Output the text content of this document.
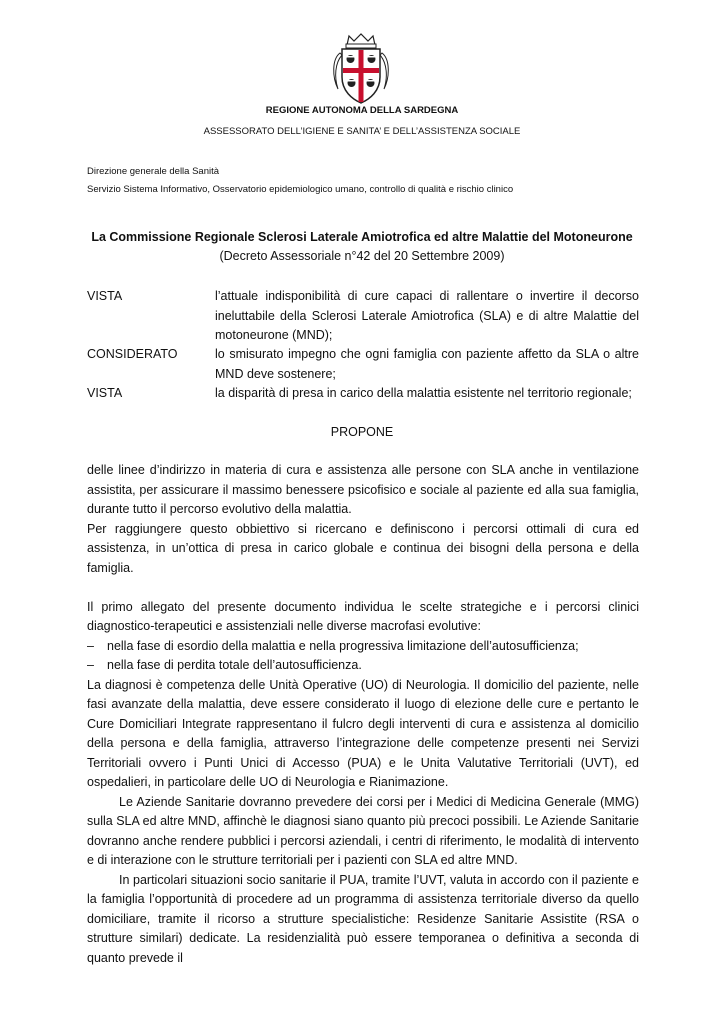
REGIONE AUTONOMA DELLA SARDEGNA
ASSESSORATO DELL’IGIENE E SANITA’ E DELL’ASSISTENZA SOCIALE
Direzione generale della Sanità
Servizio Sistema Informativo, Osservatorio epidemiologico umano, controllo di qualità e rischio clinico
La Commissione Regionale Sclerosi Laterale Amiotrofica ed altre Malattie del Motoneurone
(Decreto Assessoriale n°42 del 20 Settembre 2009)
VISTA	l’attuale indisponibilità di cure capaci di rallentare o invertire il decorso ineluttabile della Sclerosi Laterale Amiotrofica (SLA) e di altre Malattie del motoneurone (MND);
CONSIDERATO	lo smisurato impegno che ogni famiglia con paziente affetto da SLA o altre MND deve sostenere;
VISTA	la disparità di presa in carico della malattia esistente nel territorio regionale;
PROPONE

delle linee d’indirizzo in materia di cura e assistenza alle persone con SLA anche in ventilazione assistita, per assicurare il massimo benessere psicofisico e sociale al paziente ed alla sua famiglia, durante tutto il percorso evolutivo della malattia.

Per raggiungere questo obbiettivo si ricercano e definiscono i percorsi ottimali di cura ed assistenza, in un’ottica di presa in carico globale e continua dei bisogni della persona e della famiglia.

Il primo allegato del presente documento individua le scelte strategiche e i percorsi clinici diagnostico-terapeutici e assistenziali nelle diverse macrofasi evolutive:

– nella fase di esordio della malattia e nella progressiva limitazione dell’autosufficienza;
– nella fase di perdita totale dell’autosufficienza.

La diagnosi è competenza delle Unità Operative (UO) di Neurologia. Il domicilio del paziente, nelle fasi avanzate della malattia, deve essere considerato il luogo di elezione delle cure e pertanto le Cure Domiciliari Integrate rappresentano il fulcro degli interventi di cura e assistenza al domicilio della persona e della famiglia, attraverso l’integrazione delle competenze presenti nei Servizi Territoriali ovvero i Punti Unici di Accesso (PUA) e le Unita Valutative Territoriali (UVT), ed ospedalieri, in particolare delle UO di Neurologia e Rianimazione.

Le Aziende Sanitarie dovranno prevedere dei corsi per i Medici di Medicina Generale (MMG) sulla SLA ed altre MND, affinchè le diagnosi siano quanto più precoci possibili. Le Aziende Sanitarie dovranno anche rendere pubblici i percorsi aziendali, i centri di riferimento, le modalità di intervento e di interazione con le strutture territoriali per i pazienti con SLA ed altre MND.

In particolari situazioni socio sanitarie il PUA, tramite l’UVT, valuta in accordo con il paziente e la famiglia l’opportunità di procedere ad un programma di assistenza territoriale diverso da quello domiciliare, tramite il ricorso a strutture specialistiche: Residenze Sanitarie Assistite (RSA o strutture similari) dedicate. La residenzialità può essere temporanea o definitiva a seconda di quanto prevede il
